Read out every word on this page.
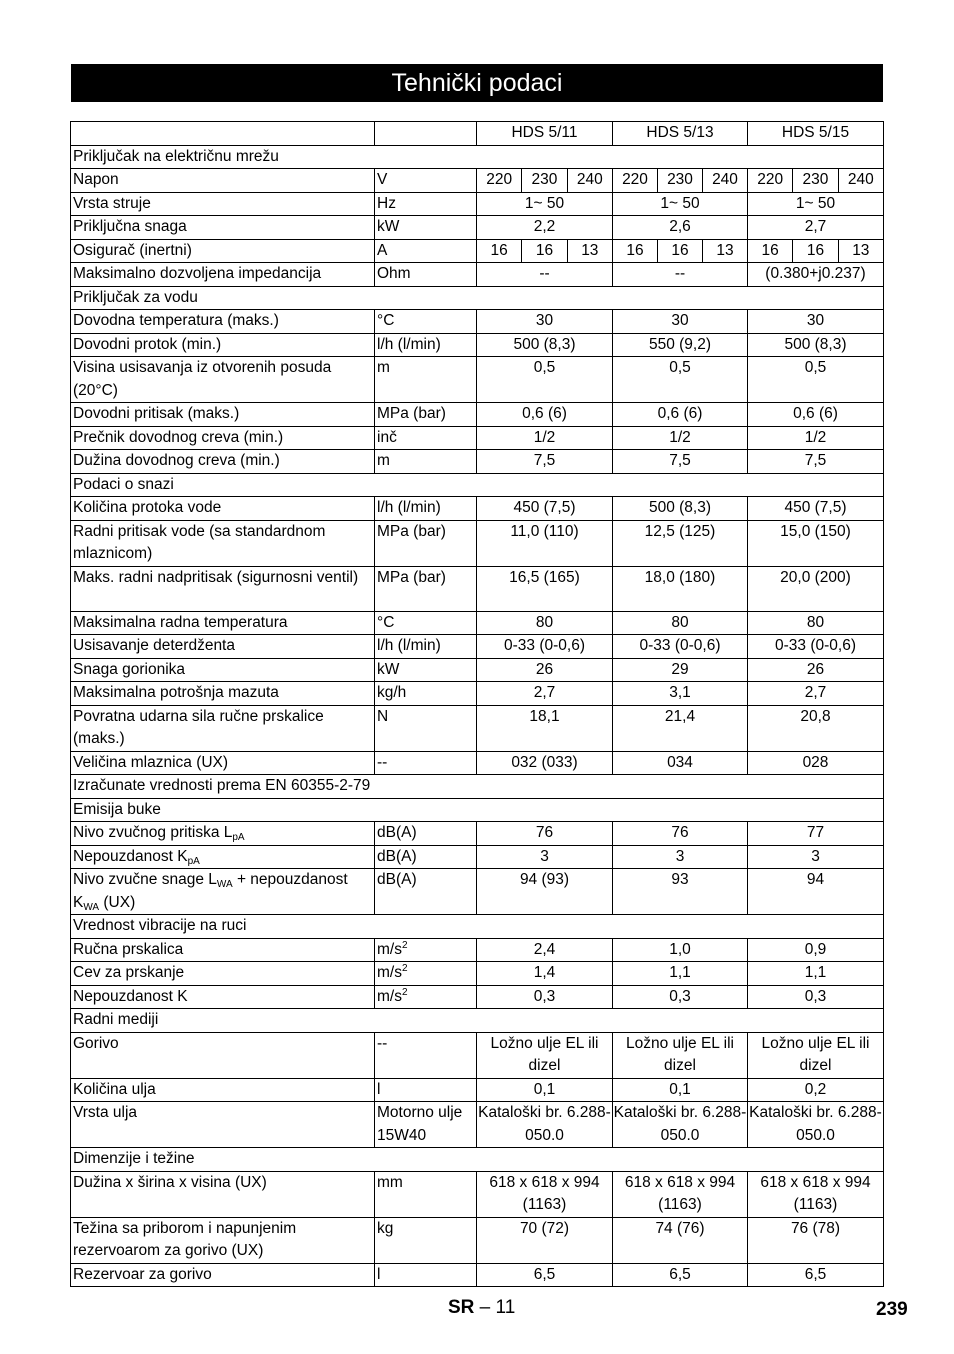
Tehnički podaci
		HDS 5/11	HDS 5/13	HDS 5/15
Priključak na električnu mrežu				
Napon	V	220 230 240	220 230 240	220 230 240

Vrsta struje	Hz	1~ 50	1~ 50	1~ 50
Priključna snaga	kW	2,2	2,6	2,7
Osigurač (inertni)	A	16 16 13	16 16 13	16 16 13

Maksimalno dozvoljena impedancija	Ohm	--	--	(0.380+j0.237)
Priključak za vodu				
Dovodna temperatura (maks.)	°C	30	30	30
Dovodni protok (min.)	l/h (l/min)	500 (8,3)	550 (9,2)	500 (8,3)
Visina usisavanja iz otvorenih posuda (20°C)	m	0,5	0,5	0,5
Dovodni pritisak (maks.)	MPa (bar)	0,6 (6)	0,6 (6)	0,6 (6)
Prečnik dovodnog creva (min.)	inč	1/2	1/2	1/2
Dužina dovodnog creva (min.)	m	7,5	7,5	7,5
Podaci o snazi				
Količina protoka vode	l/h (l/min)	450 (7,5)	500 (8,3)	450 (7,5)
Radni pritisak vode (sa standardnom mlaznicom)	MPa (bar)	11,0 (110)	12,5 (125)	15,0 (150)
Maks. radni nadpritisak (sigurnosni ventil)	MPa (bar)	16,5 (165)	18,0 (180)	20,0 (200)
Maksimalna radna temperatura	°C	80	80	80
Usisavanje deterdženta	l/h (l/min)	0-33 (0-0,6)	0-33 (0-0,6)	0-33 (0-0,6)
Snaga gorionika	kW	26	29	26
Maksimalna potrošnja mazuta	kg/h	2,7	3,1	2,7
Povratna udarna sila ručne prskalice (maks.)	N	18,1	21,4	20,8
Veličina mlaznica (UX)	--	032 (033)	034	028
Izračunate vrednosti prema EN 60355-2-79				
Emisija buke				
Nivo zvučnog pritiska $L_{pA}$	dB(A)	76	76	77
Nepouzdanost $K_{pA}$	dB(A)	3	3	3
Nivo zvučne snage $L_{WA}$ + nepouzdanost $K_{WA}$ (UX)	dB(A)	94 (93)	93	94
Vrednost vibracije na ruci				
Ručna prskalica	$m/s^2$	2,4	1,0	0,9
Cev za prskanje	$m/s^2$	1,4	1,1	1,1
Nepouzdanost K	$m/s^2$	0,3	0,3	0,3
Radni mediji				
Gorivo	--	Ložno ulje EL ili dizel	Ložno ulje EL ili dizel	Ložno ulje EL ili dizel
Količina ulja	l	0,1	0,1	0,2
Vrsta ulja	Motorno ulje 15W40	Kataloški br. 6.288-050.0	Kataloški br. 6.288-050.0	Kataloški br. 6.288-050.0
Dimenzije i težine				
Dužina x širina x visina (UX)	mm	618 x 618 x 994 (1163)	618 x 618 x 994 (1163)	618 x 618 x 994 (1163)
Težina sa priborom i napunjenim rezervoarom za gorivo (UX)	kg	70 (72)	74 (76)	76 (78)
Rezervoar za gorivo	l	6,5	6,5	6,5
SR – 11	239
